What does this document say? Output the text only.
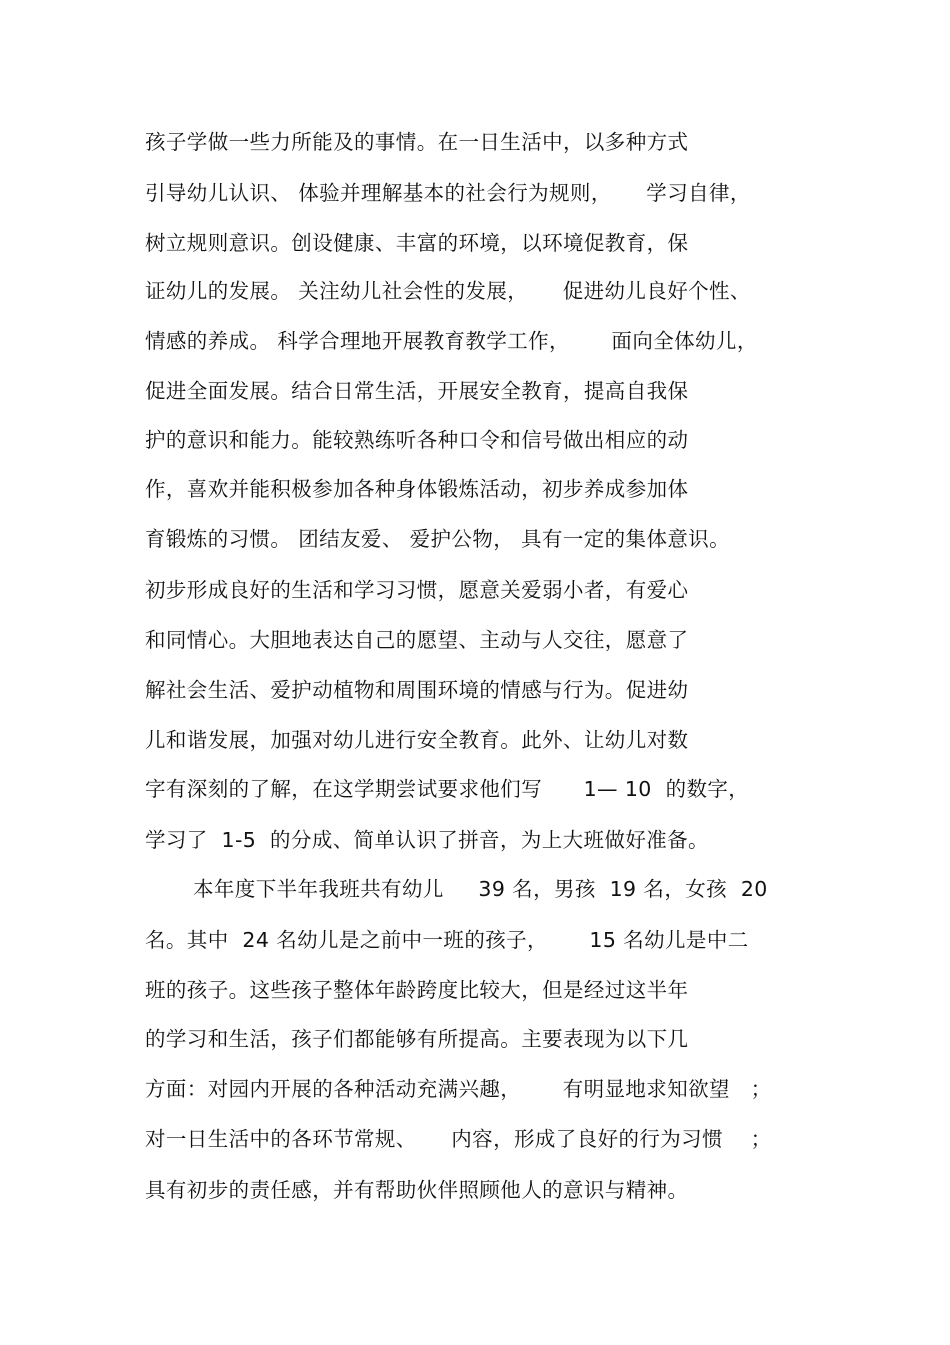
孩子学做一些力所能及的事情。在一日生活中，以多种方式
引导幼儿认识、 体验并理解基本的社会行为规则，     学习自律，
树立规则意识。创设健康、丰富的环境，以环境促教育，保
证幼儿的发展。 关注幼儿社会性的发展，     促进幼儿良好个性、
情感的养成。 科学合理地开展教育教学工作，      面向全体幼儿，
促进全面发展。结合日常生活，开展安全教育，提高自我保
护的意识和能力。能较熟练听各种口令和信号做出相应的动
作，喜欢并能积极参加各种身体锻炼活动，初步养成参加体
育锻炼的习惯。 团结友爱、 爱护公物， 具有一定的集体意识。
初步形成良好的生活和学习习惯，愿意关爱弱小者，有爱心
和同情心。大胆地表达自己的愿望、主动与人交往，愿意了
解社会生活、爱护动植物和周围环境的情感与行为。促进幼
儿和谐发展，加强对幼儿进行安全教育。此外、让幼儿对数
字有深刻的了解，在这学期尝试要求他们写      1— 10  的数字，
学习了  1-5  的分成、简单认识了拼音，为上大班做好准备。
本年度下半年我班共有幼儿     39 名，男孩  19 名，女孩  20
名。其中  24 名幼儿是之前中一班的孩子，      15 名幼儿是中二
班的孩子。这些孩子整体年龄跨度比较大，但是经过这半年
的学习和生活，孩子们都能够有所提高。主要表现为以下几
方面：对园内开展的各种活动充满兴趣，      有明显地求知欲望   ；
对一日生活中的各环节常规、     内容，形成了良好的行为习惯    ；
具有初步的责任感，并有帮助伙伴照顾他人的意识与精神。
